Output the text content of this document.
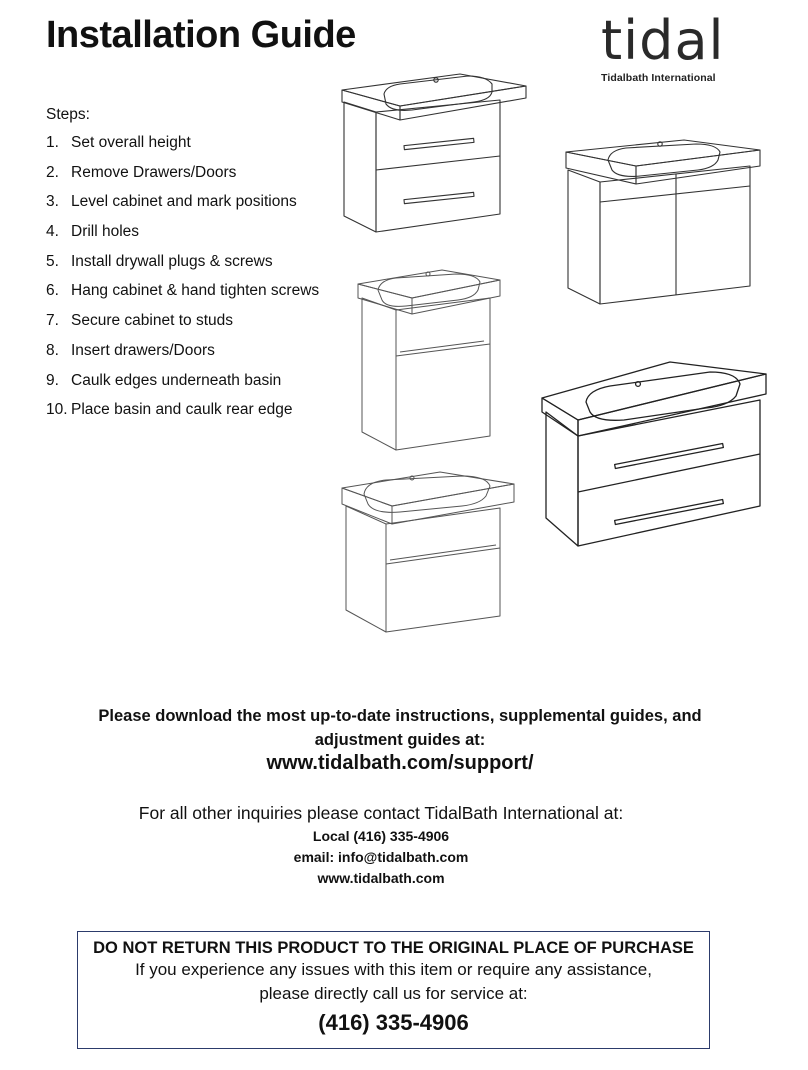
Installation Guide	tidal
Tidalbath International
Steps:
1. Set overall height
2. Remove Drawers/Doors
3. Level cabinet and mark positions
4. Drill holes
5. Install drywall plugs & screws
6. Hang cabinet & hand tighten screws
7. Secure cabinet to studs
8. Insert drawers/Doors
9. Caulk edges underneath basin
10. Place basin and caulk rear edge
Please download the most up-to-date instructions, supplemental guides, and
adjustment guides at:
www.tidalbath.com/support/
For all other inquiries please contact TidalBath International at:
Local (416) 335-4906
email: info@tidalbath.com
www.tidalbath.com
DO NOT RETURN THIS PRODUCT TO THE ORIGINAL PLACE OF PURCHASE
If you experience any issues with this item or require any assistance,
please directly call us for service at:
(416) 335-4906
